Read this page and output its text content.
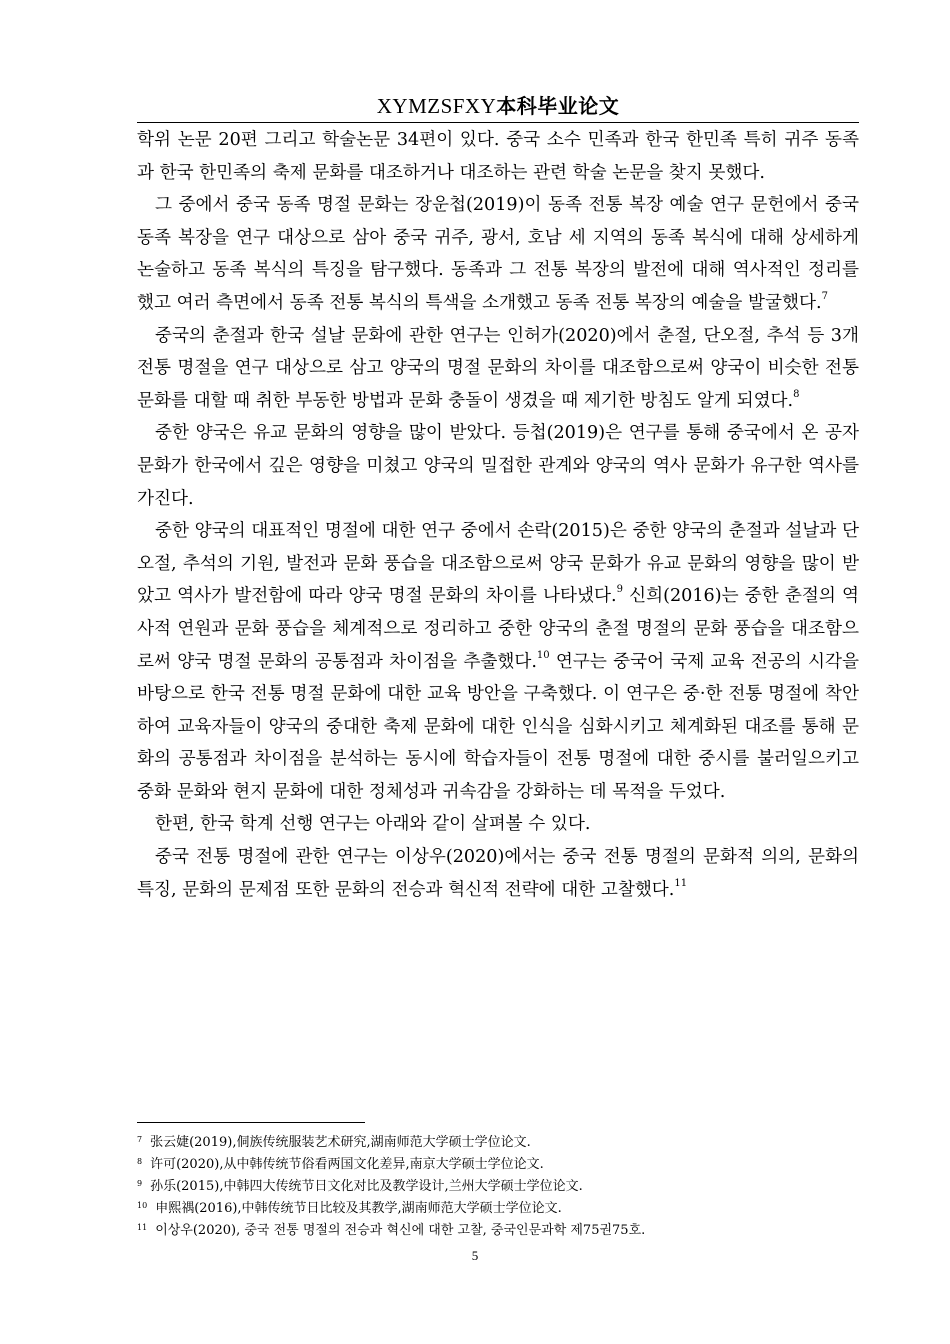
XYMZSFXY本科毕业论文

학위 논문 20편 그리고 학술논문 34편이 있다. 중국 소수 민족과 한국 한민족 특히 귀주 동족과 한국 한민족의 축제 문화를 대조하거나 대조하는 관련 학술 논문을 찾지 못했다.

그 중에서 중국 동족 명절 문화는 장운첩(2019)이 동족 전통 복장 예술 연구 문헌에서 중국 동족 복장을 연구 대상으로 삼아 중국 귀주, 광서, 호남 세 지역의 동족 복식에 대해 상세하게 논술하고 동족 복식의 특징을 탐구했다. 동족과 그 전통 복장의 발전에 대해 역사적인 정리를 했고 여러 측면에서 동족 전통 복식의 특색을 소개했고 동족 전통 복장의 예술을 발굴했다.$^7$

중국의 춘절과 한국 설날 문화에 관한 연구는 인허가(2020)에서 춘절, 단오절, 추석 등 3개 전통 명절을 연구 대상으로 삼고 양국의 명절 문화의 차이를 대조함으로써 양국이 비슷한 전통 문화를 대할 때 취한 부동한 방법과 문화 충돌이 생겼을 때 제기한 방침도 알게 되였다.$^8$

중한 양국은 유교 문화의 영향을 많이 받았다. 등첩(2019)은 연구를 통해 중국에서 온 공자 문화가 한국에서 깊은 영향을 미쳤고 양국의 밀접한 관계와 양국의 역사 문화가 유구한 역사를 가진다.

중한 양국의 대표적인 명절에 대한 연구 중에서 손락(2015)은 중한 양국의 춘절과 설날과 단오절, 추석의 기원, 발전과 문화 풍습을 대조함으로써 양국 문화가 유교 문화의 영향을 많이 받았고 역사가 발전함에 따라 양국 명절 문화의 차이를 나타냈다.$^9$ 신희(2016)는 중한 춘절의 역사적 연원과 문화 풍습을 체계적으로 정리하고 중한 양국의 춘절 명절의 문화 풍습을 대조함으로써 양국 명절 문화의 공통점과 차이점을 추출했다.$^{10}$ 연구는 중국어 국제 교육 전공의 시각을 바탕으로 한국 전통 명절 문화에 대한 교육 방안을 구축했다. 이 연구은 중·한 전통 명절에 착안하여 교육자들이 양국의 중대한 축제 문화에 대한 인식을 심화시키고 체계화된 대조를 통해 문화의 공통점과 차이점을 분석하는 동시에 학습자들이 전통 명절에 대한 중시를 불러일으키고 중화 문화와 현지 문화에 대한 정체성과 귀속감을 강화하는 데 목적을 두었다.

한편, 한국 학계 선행 연구는 아래와 같이 살펴볼 수 있다.

중국 전통 명절에 관한 연구는 이상우(2020)에서는 중국 전통 명절의 문화적 의의, 문화의 특징, 문화의 문제점 또한 문화의 전승과 혁신적 전략에 대한 고찰했다.$^{11}$

$^7$ 张云婕(2019),侗族传统服装艺术研究,湖南师范大学硕士学位论文.
$^8$ 许可(2020),从中韩传统节俗看两国文化差异,南京大学硕士学位论文.
$^9$ 孙乐(2015),中韩四大传统节日文化对比及教学设计,兰州大学硕士学位论文.
$^{10}$ 申熙禑(2016),中韩传统节日比较及其教学,湖南师范大学硕士学位论文.
$^{11}$ 이상우(2020), 중국 전통 명절의 전승과 혁신에 대한 고찰, 중국인문과학 제75권75호.
5
